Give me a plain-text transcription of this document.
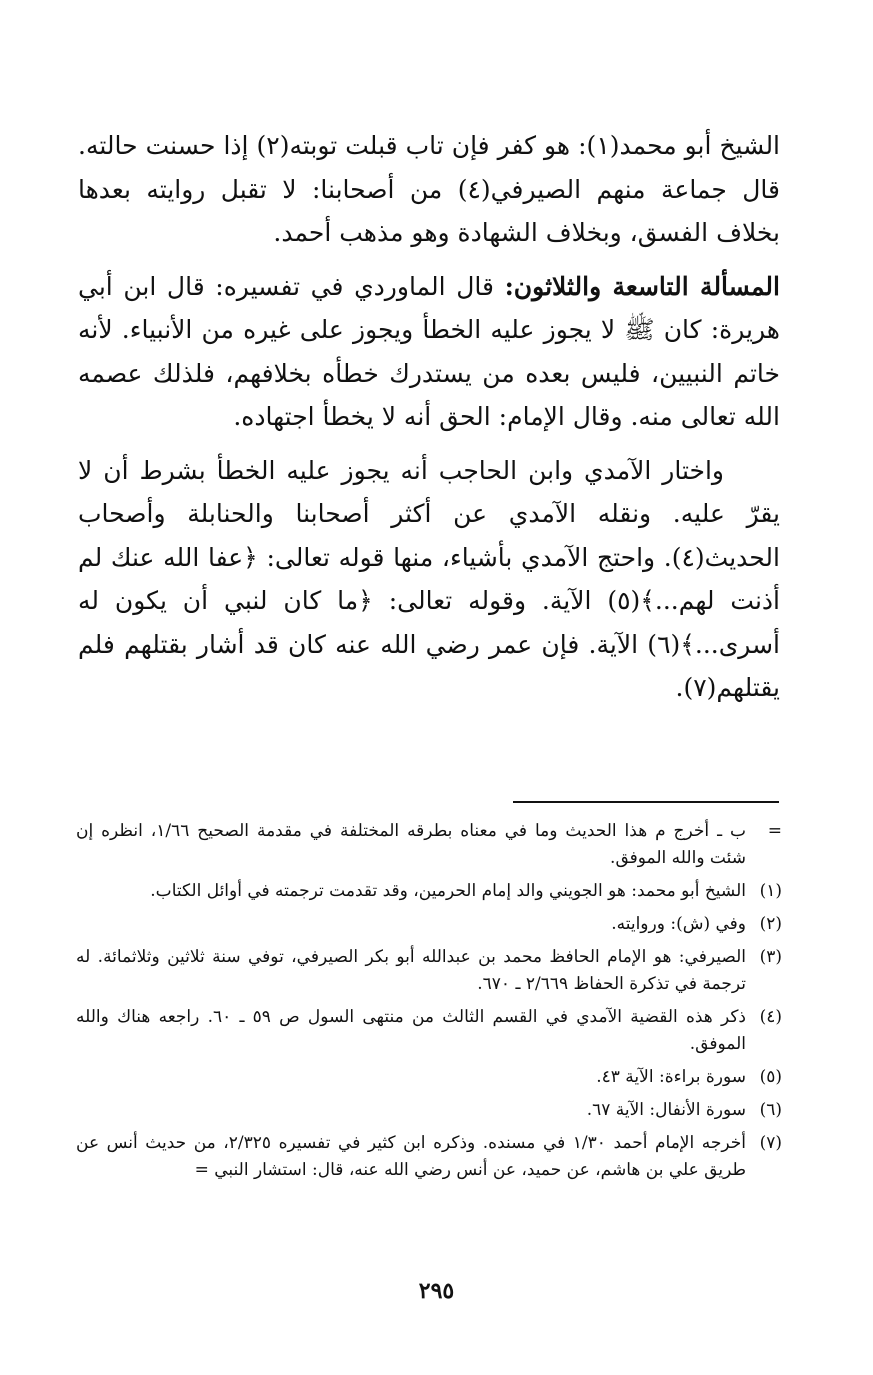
الشيخ أبو محمد(١): هو كفر فإن تاب قبلت توبته(٢) إذا حسنت حالته. قال جماعة منهم الصيرفي(٤) من أصحابنا: لا تقبل روايته بعدها بخلاف الفسق، وبخلاف الشهادة وهو مذهب أحمد.

المسألة التاسعة والثلاثون: قال الماوردي في تفسيره: قال ابن أبي هريرة: كان ﷺ لا يجوز عليه الخطأ ويجوز على غيره من الأنبياء. لأنه خاتم النبيين، فليس بعده من يستدرك خطأه بخلافهم، فلذلك عصمه الله تعالى منه. وقال الإمام: الحق أنه لا يخطأ اجتهاده.

واختار الآمدي وابن الحاجب أنه يجوز عليه الخطأ بشرط أن لا يقرّ عليه. ونقله الآمدي عن أكثر أصحابنا والحنابلة وأصحاب الحديث(٤). واحتج الآمدي بأشياء، منها قوله تعالى: ﴿عفا الله عنك لم أذنت لهم...﴾(٥) الآية. وقوله تعالى: ﴿ما كان لنبي أن يكون له أسرى...﴾(٦) الآية. فإن عمر رضي الله عنه كان قد أشار بقتلهم فلم يقتلهم(٧).

=
ب ـ أخرج م هذا الحديث وما في معناه بطرقه المختلفة في مقدمة الصحيح ١/٦٦، انظره إن شئت والله الموفق.
(١)
الشيخ أبو محمد: هو الجويني والد إمام الحرمين، وقد تقدمت ترجمته في أوائل الكتاب.
(٢)
وفي (ش): وروايته.
(٣)
الصيرفي: هو الإمام الحافظ محمد بن عبدالله أبو بكر الصيرفي، توفي سنة ثلاثين وثلاثمائة. له ترجمة في تذكرة الحفاظ ٢/٦٦٩ ـ ٦٧٠.
(٤)
ذكر هذه القضية الآمدي في القسم الثالث من منتهى السول ص ٥٩ ـ ٦٠. راجعه هناك والله الموفق.
(٥)
سورة براءة: الآية ٤٣.
(٦)
سورة الأنفال: الآية ٦٧.
(٧)
أخرجه الإمام أحمد ١/٣٠ في مسنده. وذكره ابن كثير في تفسيره ٢/٣٢٥، من حديث أنس عن طريق علي بن هاشم، عن حميد، عن أنس رضي الله عنه، قال: استشار النبي =
٢٩٥
